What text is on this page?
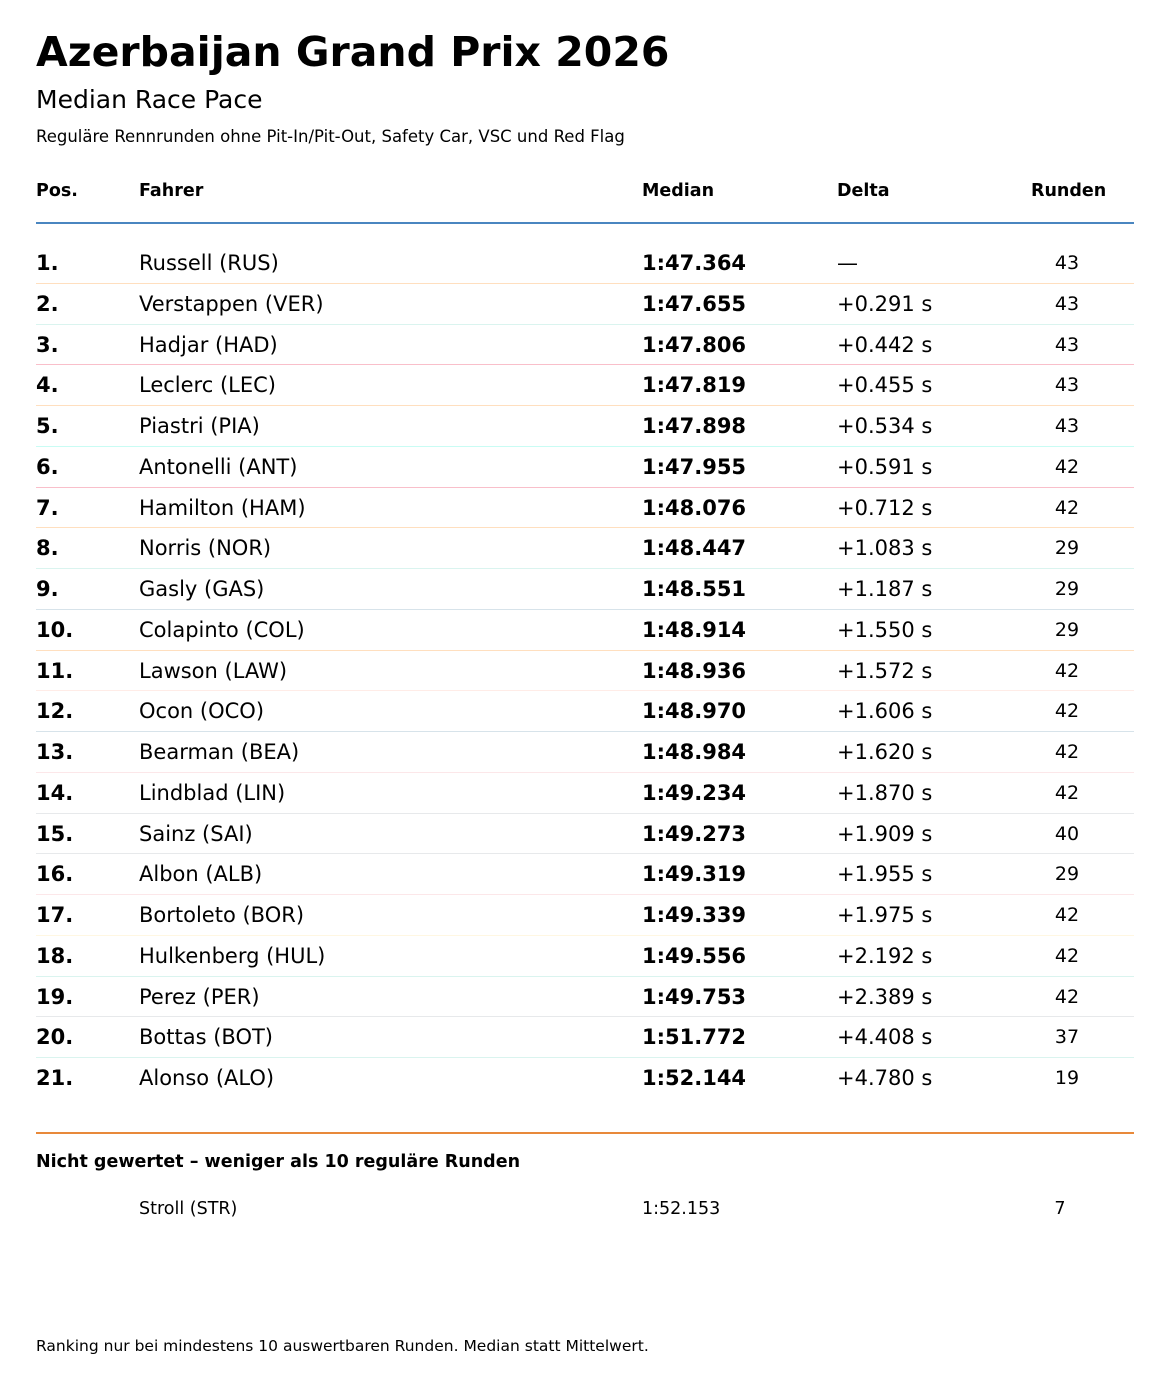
Azerbaijan Grand Prix 2026
Median Race Pace
Reguläre Rennrunden ohne Pit-In/Pit-Out, Safety Car, VSC und Red Flag
Pos.	Fahrer	Median	Delta	Runden
1.	Russell (RUS)	1:47.364	—	43
2.	Verstappen (VER)	1:47.655	+0.291 s	43
3.	Hadjar (HAD)	1:47.806	+0.442 s	43
4.	Leclerc (LEC)	1:47.819	+0.455 s	43
5.	Piastri (PIA)	1:47.898	+0.534 s	43
6.	Antonelli (ANT)	1:47.955	+0.591 s	42
7.	Hamilton (HAM)	1:48.076	+0.712 s	42
8.	Norris (NOR)	1:48.447	+1.083 s	29
9.	Gasly (GAS)	1:48.551	+1.187 s	29
10.	Colapinto (COL)	1:48.914	+1.550 s	29
11.	Lawson (LAW)	1:48.936	+1.572 s	42
12.	Ocon (OCO)	1:48.970	+1.606 s	42
13.	Bearman (BEA)	1:48.984	+1.620 s	42
14.	Lindblad (LIN)	1:49.234	+1.870 s	42
15.	Sainz (SAI)	1:49.273	+1.909 s	40
16.	Albon (ALB)	1:49.319	+1.955 s	29
17.	Bortoleto (BOR)	1:49.339	+1.975 s	42
18.	Hulkenberg (HUL)	1:49.556	+2.192 s	42
19.	Perez (PER)	1:49.753	+2.389 s	42
20.	Bottas (BOT)	1:51.772	+4.408 s	37
21.	Alonso (ALO)	1:52.144	+4.780 s	19
Nicht gewertet – weniger als 10 reguläre Runden
Stroll (STR)	1:52.153	7
Ranking nur bei mindestens 10 auswertbaren Runden. Median statt Mittelwert.
